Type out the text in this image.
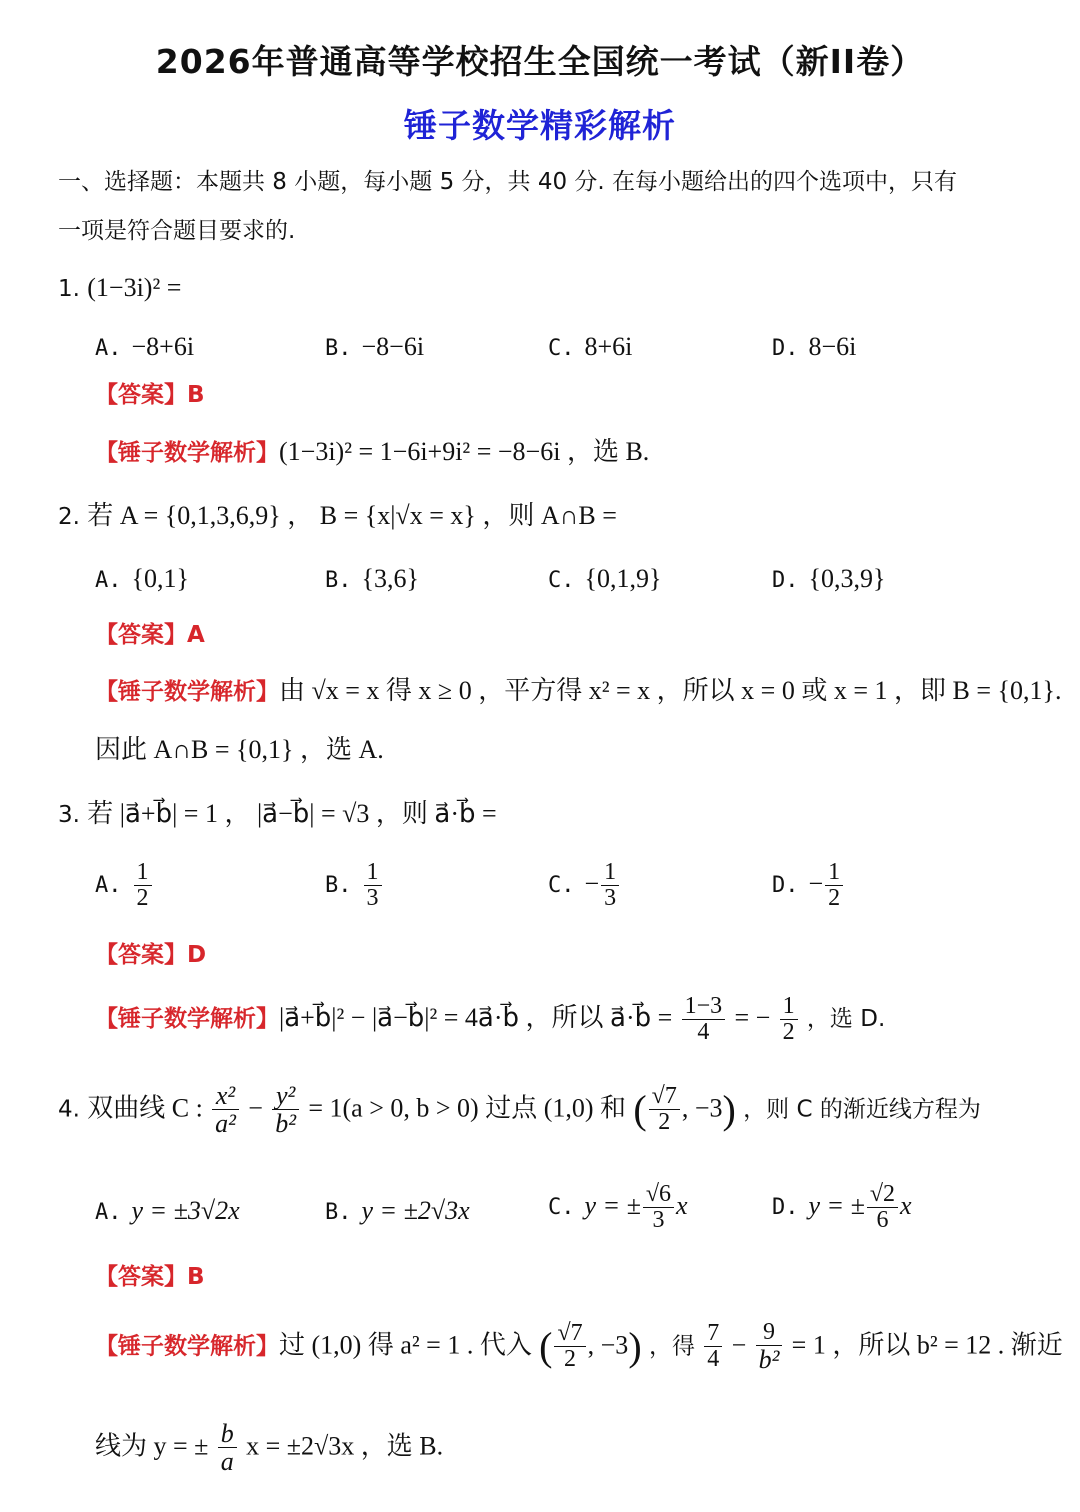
2026年普通高等学校招生全国统一考试（新II卷）
锤子数学精彩解析
一、选择题：本题共 8 小题，每小题 5 分，共 40 分. 在每小题给出的四个选项中，只有
一项是符合题目要求的.
1. (1−3i)² =
A. −8+6i	B. −8−6i	C. 8+6i	D. 8−6i
【答案】B
【锤子数学解析】(1−3i)² = 1−6i+9i² = −8−6i ，选 B.
2. 若 A = {0,1,3,6,9} ， B = {x|√x = x} ，则 A∩B =
A. {0,1}	B. {3,6}	C. {0,1,9}	D. {0,3,9}
【答案】A
【锤子数学解析】由 √x = x 得 x ≥ 0 ，平方得 x² = x ，所以 x = 0 或 x = 1 ，即 B = {0,1}.
因此 A∩B = {0,1} ，选 A.
3. 若 |a⃗+b⃗| = 1 ， |a⃗−b⃗| = √3 ，则 a⃗·b⃗ =
A. $\frac{1}{2}$	B. $\frac{1}{3}$	C. − $\frac{1}{3}$	D. − $\frac{1}{2}$
【答案】D
【锤子数学解析】|a⃗+b⃗|² − |a⃗−b⃗|² = 4a⃗·b⃗ ，所以 a⃗·b⃗ = $\frac{1-3}{4}$ = − $\frac{1}{2}$ ，选 D.
4. 双曲线 C : $\frac{\text{x²}}{\text{a²}} - \frac{\text{y²}}{\text{b²}} = 1(a > 0$, b > 0) 过点 (1,0) 和 ( $\frac{√7}{2}$ , −3) ，则 C 的渐近线方程为
A. y = ±3√2x	B. y = ±2√3x	C. y = ± $\frac{√6}{3}$ x	D. y = ± $\frac{√2}{6}$ x
【答案】B
【锤子数学解析】过 (1,0) 得 a² = 1 . 代入 ( $\frac{√7}{2}$ , −3) ，得 $\frac{7}{4} - \frac{9}{\text{b²}} = 1$ ，所以 b² = 12 . 渐近
线为 y = ± $\frac{b}{a}$ x = ±2√3x ，选 B.
